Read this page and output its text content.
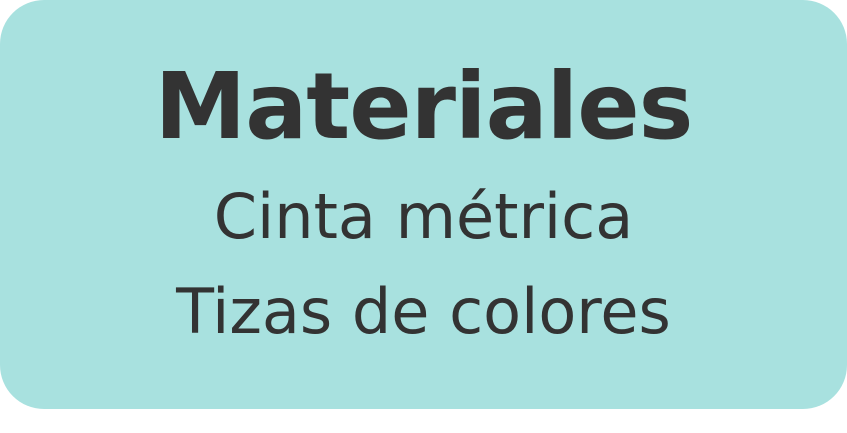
Materiales
Cinta métrica
Tizas de colores
